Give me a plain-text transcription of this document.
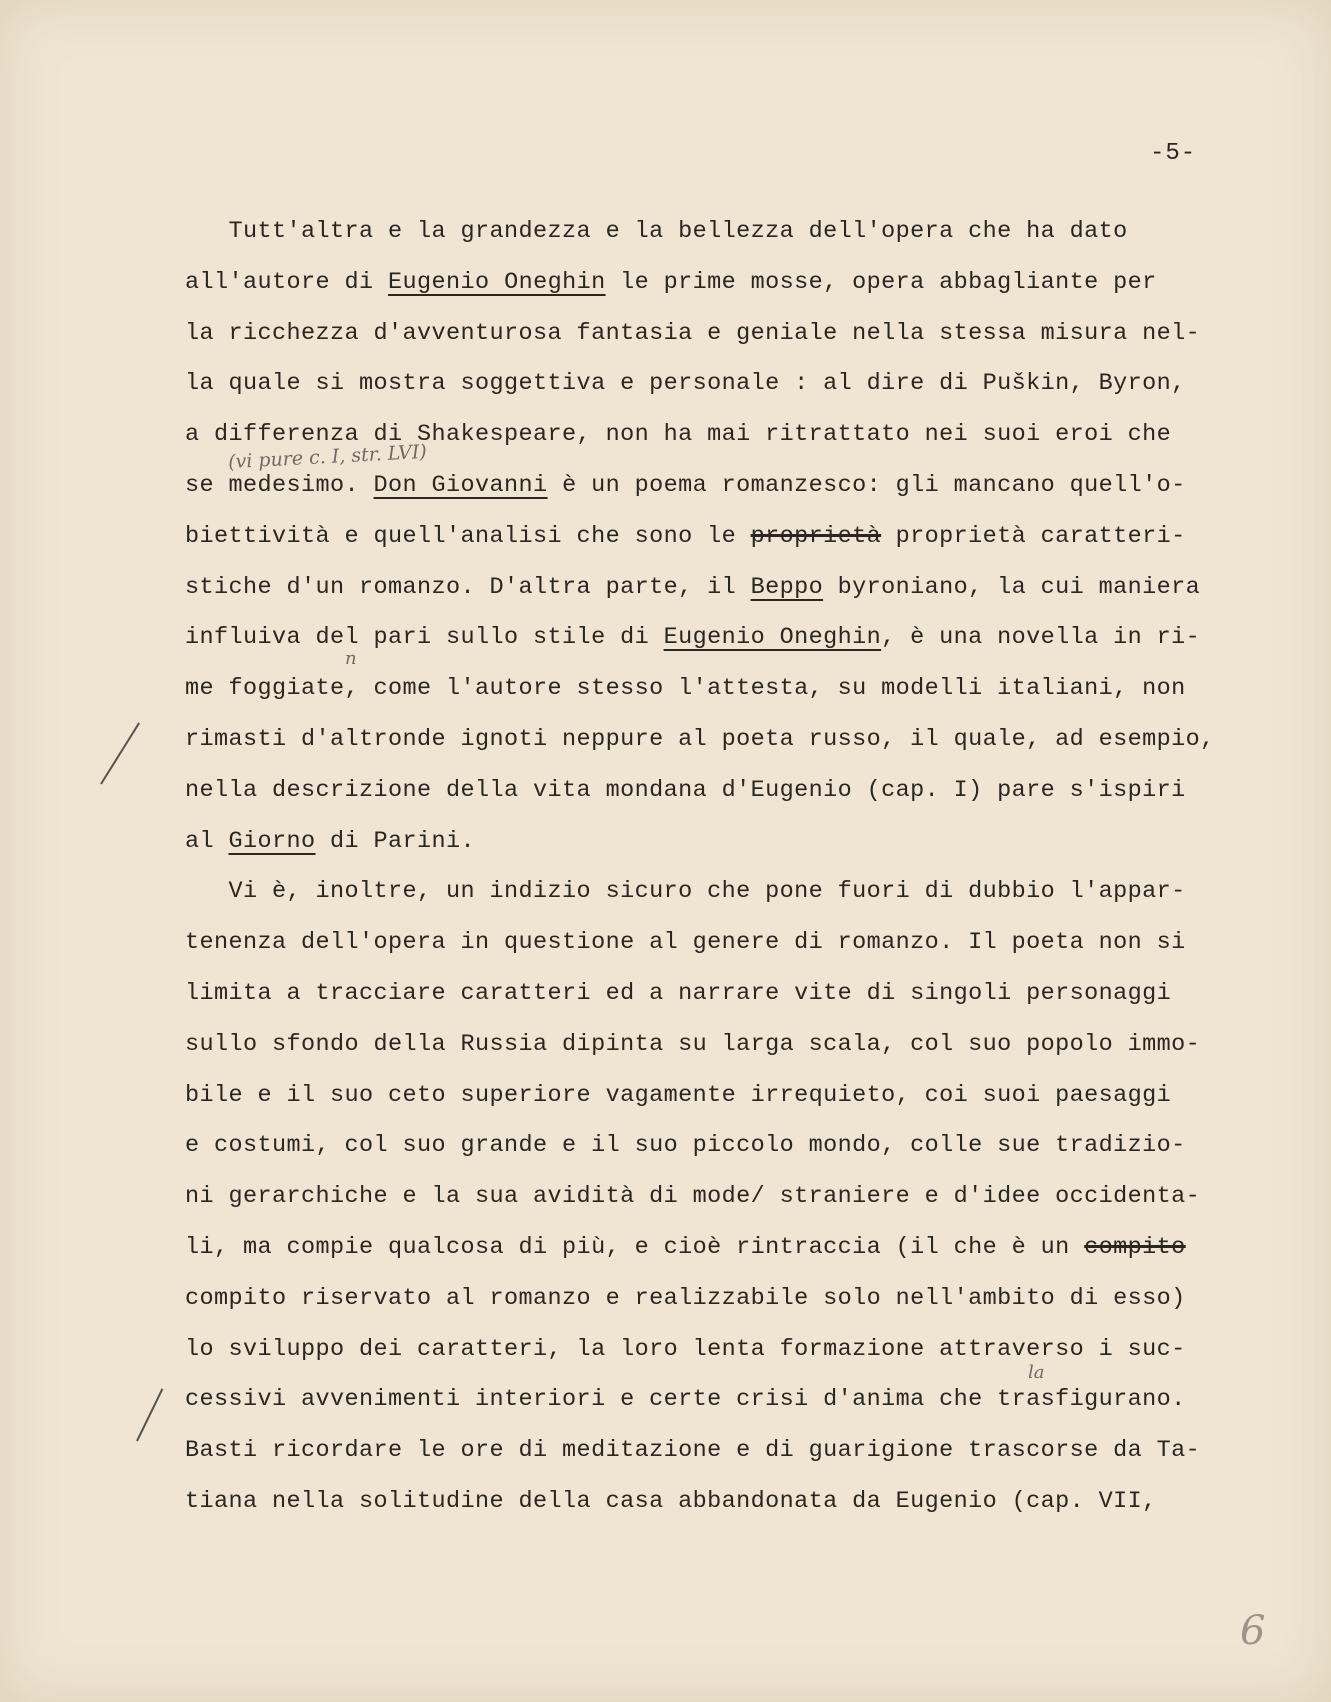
-5-
Tutt'altra e la grandezza e la bellezza dell'opera che ha dato
all'autore di Eugenio Oneghin le prime mosse, opera abbagliante per
la ricchezza d'avventurosa fantasia e geniale nella stessa misura nel-
la quale si mostra soggettiva e personale : al dire di Puškin, Byron,
a differenza di Shakespeare, non ha mai ritrattato nei suoi eroi che
se medesimo. Don Giovanni è un poema romanzesco: gli mancano quell'o-
biettività e quell'analisi che sono le proprietà proprietà caratteri-
stiche d'un romanzo. D'altra parte, il Beppo byroniano, la cui maniera
influiva del pari sullo stile di Eugenio Oneghin, è una novella in ri-
me foggiate, come l'autore stesso l'attesta, su modelli italiani, non
rimasti d'altronde ignoti neppure al poeta russo, il quale, ad esempio,
nella descrizione della vita mondana d'Eugenio (cap. I) pare s'ispiri
al Giorno di Parini.
Vi è, inoltre, un indizio sicuro che pone fuori di dubbio l'appar-
tenenza dell'opera in questione al genere di romanzo. Il poeta non si
limita a tracciare caratteri ed a narrare vite di singoli personaggi
sullo sfondo della Russia dipinta su larga scala, col suo popolo immo-
bile e il suo ceto superiore vagamente irrequieto, coi suoi paesaggi
e costumi, col suo grande e il suo piccolo mondo, colle sue tradizio-
ni gerarchiche e la sua avidità di mode/ straniere e d'idee occidenta-
li, ma compie qualcosa di più, e cioè rintraccia (il che è un compito
compito riservato al romanzo e realizzabile solo nell'ambito di esso)
lo sviluppo dei caratteri, la loro lenta formazione attraverso i suc-
cessivi avvenimenti interiori e certe crisi d'anima che trasfigurano.
Basti ricordare le ore di meditazione e di guarigione trascorse da Ta-
tiana nella solitudine della casa abbandonata da Eugenio (cap. VII,
(vi pure c. I, str. LVI)
n
la
6
